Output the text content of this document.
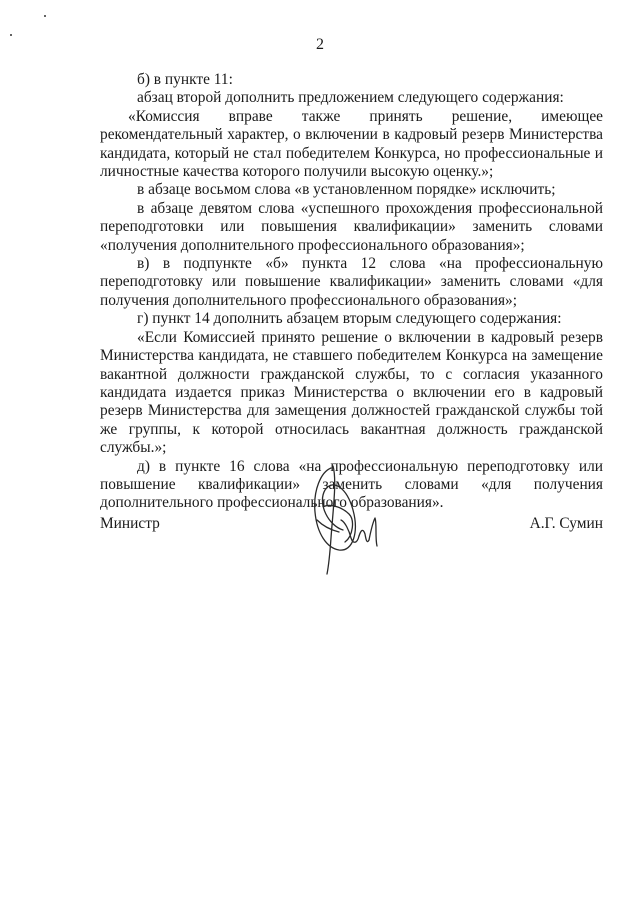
2

б) в пункте 11:

абзац второй дополнить предложением следующего содержания:

«Комиссия вправе также принять решение, имеющее рекомендательный характер, о включении в кадровый резерв Министерства кандидата, который не стал победителем Конкурса, но профессиональные и личностные качества которого получили высокую оценку.»;

в абзаце восьмом слова «в установленном порядке» исключить;

в абзаце девятом слова «успешного прохождения профессиональной переподготовки или повышения квалификации» заменить словами «получения дополнительного профессионального образования»;

в) в подпункте «б» пункта 12 слова «на профессиональную переподготовку или повышение квалификации» заменить словами «для получения дополнительного профессионального образования»;

г) пункт 14 дополнить абзацем вторым следующего содержания:

«Если Комиссией принято решение о включении в кадровый резерв Министерства кандидата, не ставшего победителем Конкурса на замещение вакантной должности гражданской службы, то с согласия указанного кандидата издается приказ Министерства о включении его в кадровый резерв Министерства для замещения должностей гражданской службы той же группы, к которой относилась вакантная должность гражданской службы.»;

д) в пункте 16 слова «на профессиональную переподготовку или повышение квалификации» заменить словами «для получения дополнительного профессионального образования».

Министр	А.Г. Сумин
